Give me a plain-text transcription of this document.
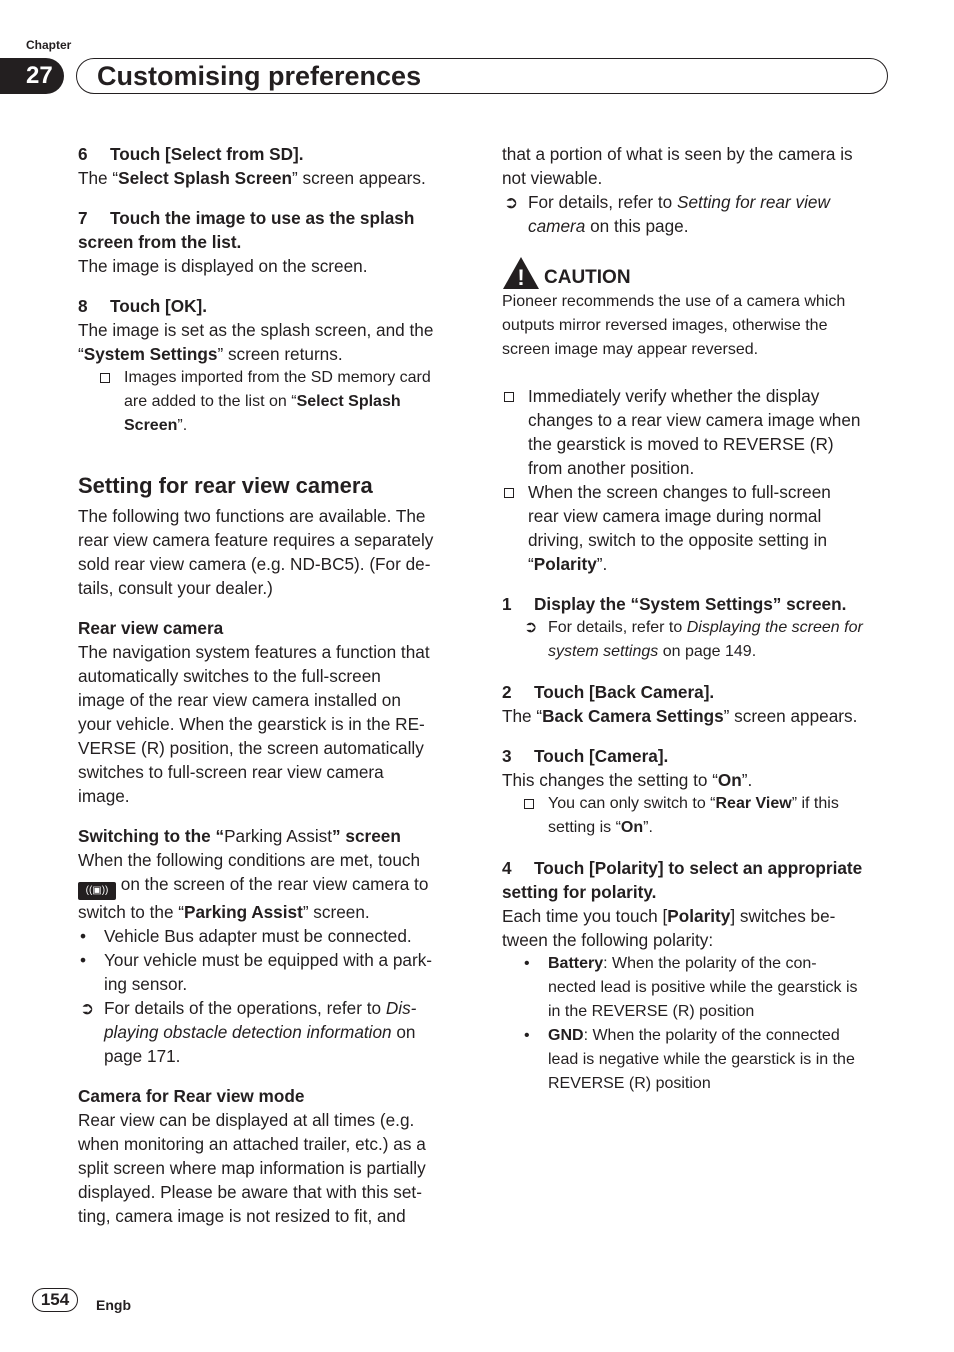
Chapter
27	Customising preferences

6 Touch [Select from SD].

The “Select Splash Screen” screen appears.

7 Touch the image to use as the splash

screen from the list.

The image is displayed on the screen.

8 Touch [OK].

The image is set as the splash screen, and the

“System Settings” screen returns.

Images imported from the SD memory card

are added to the list on “Select Splash

Screen”.

Setting for rear view camera

The following two functions are available. The

rear view camera feature requires a separately

sold rear view camera (e.g. ND-BC5). (For de-

tails, consult your dealer.)

Rear view camera

The navigation system features a function that

automatically switches to the full-screen

image of the rear view camera installed on

your vehicle. When the gearstick is in the RE-

VERSE (R) position, the screen automatically

switches to full-screen rear view camera

image.

Switching to the “Parking Assist” screen

When the following conditions are met, touch

((▣)) on the screen of the rear view camera to

switch to the “Parking Assist” screen.

• Vehicle Bus adapter must be connected.

• Your vehicle must be equipped with a park-

ing sensor.

➲ For details of the operations, refer to Dis-

playing obstacle detection information on

page 171.

Camera for Rear view mode

Rear view can be displayed at all times (e.g.

when monitoring an attached trailer, etc.) as a

split screen where map information is partially

displayed. Please be aware that with this set-

ting, camera image is not resized to fit, and

that a portion of what is seen by the camera is

not viewable.

➲ For details, refer to Setting for rear view

camera on this page.

! CAUTION

Pioneer recommends the use of a camera which

outputs mirror reversed images, otherwise the

screen image may appear reversed.

Immediately verify whether the display

changes to a rear view camera image when

the gearstick is moved to REVERSE (R)

from another position.

When the screen changes to full-screen

rear view camera image during normal

driving, switch to the opposite setting in

“Polarity”.

1 Display the “System Settings” screen.

➲ For details, refer to Displaying the screen for

system settings on page 149.

2 Touch [Back Camera].

The “Back Camera Settings” screen appears.

3 Touch [Camera].

This changes the setting to “On”.

You can only switch to “Rear View” if this

setting is “On”.

4 Touch [Polarity] to select an appropriate

setting for polarity.

Each time you touch [Polarity] switches be-

tween the following polarity:

• Battery: When the polarity of the con-

nected lead is positive while the gearstick is

in the REVERSE (R) position

• GND: When the polarity of the connected

lead is negative while the gearstick is in the

REVERSE (R) position

154	Engb
